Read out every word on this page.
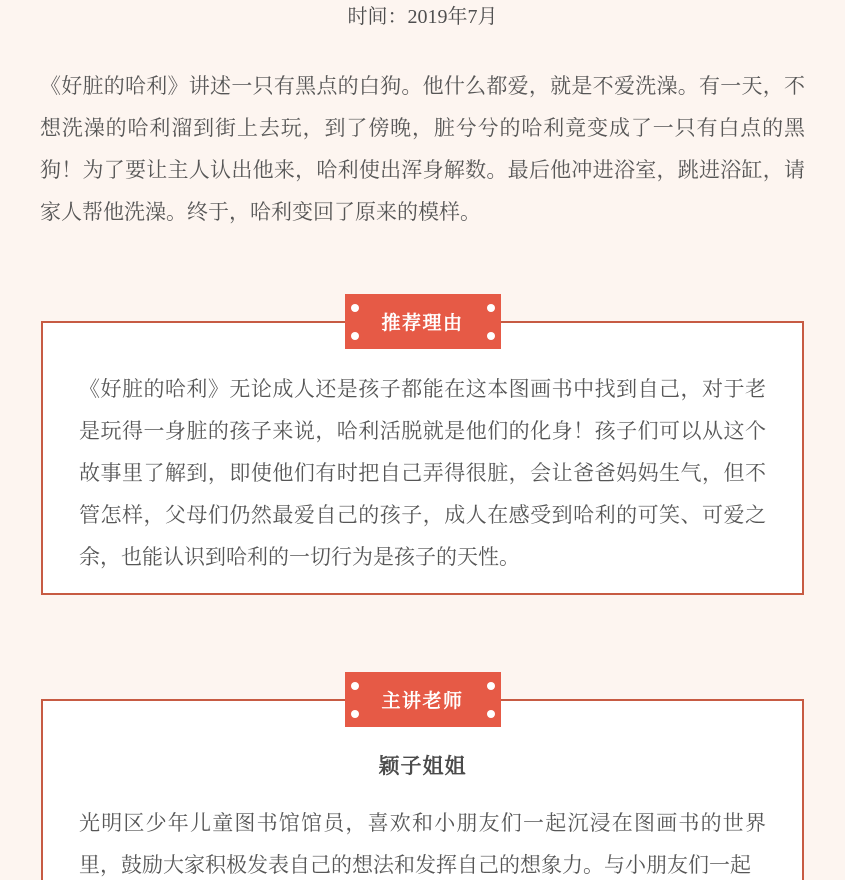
时间：2019年7月

《好脏的哈利》讲述一只有黑点的白狗。他什么都爱，就是不爱洗澡。有一天，不想洗澡的哈利溜到街上去玩，到了傍晚，脏兮兮的哈利竟变成了一只有白点的黑狗！为了要让主人认出他来，哈利使出浑身解数。最后他冲进浴室，跳进浴缸，请家人帮他洗澡。终于，哈利变回了原来的模样。

推荐理由

《好脏的哈利》无论成人还是孩子都能在这本图画书中找到自己，对于老是玩得一身脏的孩子来说，哈利活脱就是他们的化身！孩子们可以从这个故事里了解到，即使他们有时把自己弄得很脏，会让爸爸妈妈生气，但不管怎样，父母们仍然最爱自己的孩子，成人在感受到哈利的可笑、可爱之余，也能认识到哈利的一切行为是孩子的天性。

主讲老师
颖子姐姐

光明区少年儿童图书馆馆员，喜欢和小朋友们一起沉浸在图画书的世界里，鼓励大家积极发表自己的想法和发挥自己的想象力。与小朋友们一起
